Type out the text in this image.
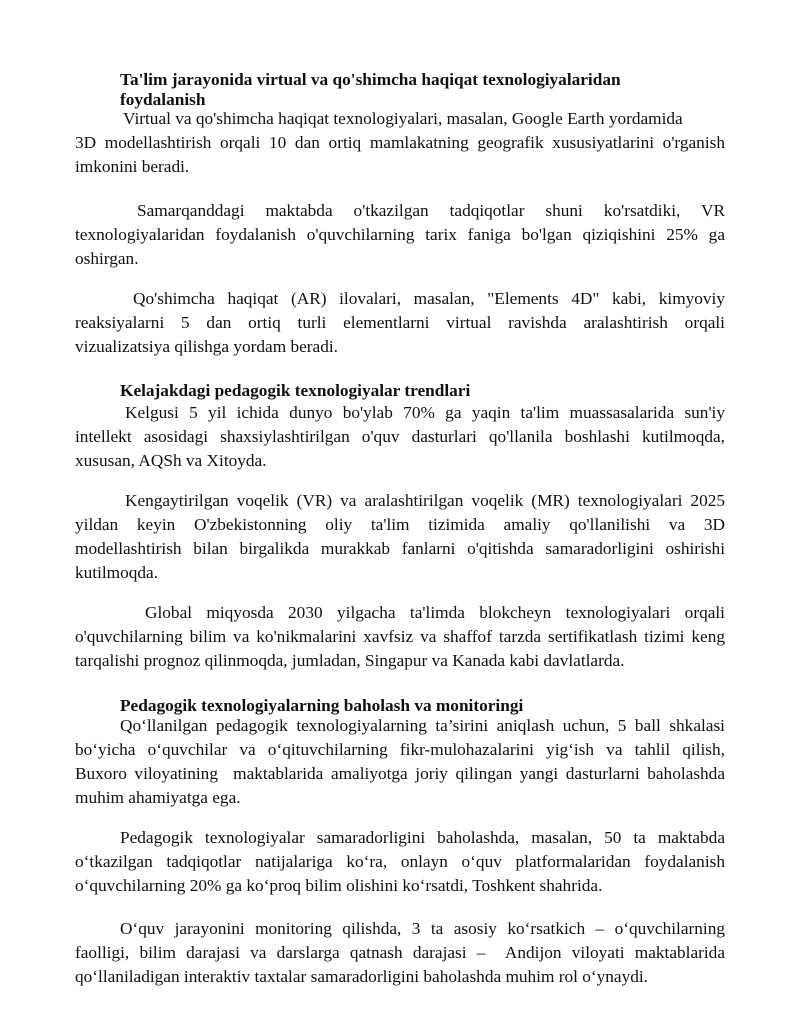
Ta'lim jarayonida virtual va qo'shimcha haqiqat texnologiyalaridan
foydalanish

Virtual va qo'shimcha haqiqat texnologiyalari, masalan, Google Earth yordamida
3D modellashtirish orqali 10 dan ortiq mamlakatning geografik xususiyatlarini o'rganish
imkonini beradi.

Samarqanddagi maktabda o'tkazilgan tadqiqotlar shuni ko'rsatdiki, VR
texnologiyalaridan foydalanish o'quvchilarning tarix faniga bo'lgan qiziqishini 25% ga
oshirgan.

Qo'shimcha haqiqat (AR) ilovalari, masalan, "Elements 4D" kabi, kimyoviy
reaksiyalarni 5 dan ortiq turli elementlarni virtual ravishda aralashtirish orqali
vizualizatsiya qilishga yordam beradi.

Kelajakdagi pedagogik texnologiyalar trendlari

Kelgusi 5 yil ichida dunyo bo'ylab 70% ga yaqin ta'lim muassasalarida sun'iy
intellekt asosidagi shaxsiylashtirilgan o'quv dasturlari qo'llanila boshlashi kutilmoqda,
xususan, AQSh va Xitoyda.

Kengaytirilgan voqelik (VR) va aralashtirilgan voqelik (MR) texnologiyalari 2025
yildan keyin O'zbekistonning oliy ta'lim tizimida amaliy qo'llanilishi va 3D
modellashtirish bilan birgalikda murakkab fanlarni o'qitishda samaradorligini oshirishi
kutilmoqda.

Global miqyosda 2030 yilgacha ta'limda blokcheyn texnologiyalari orqali
o'quvchilarning bilim va ko'nikmalarini xavfsiz va shaffof tarzda sertifikatlash tizimi keng
tarqalishi prognoz qilinmoqda, jumladan, Singapur va Kanada kabi davlatlarda.

Pedagogik texnologiyalarning baholash va monitoringi

Qo‘llanilgan pedagogik texnologiyalarning ta’sirini aniqlash uchun, 5 ball shkalasi
bo‘yicha o‘quvchilar va o‘qituvchilarning fikr-mulohazalarini yig‘ish va tahlil qilish,
Buxoro viloyatining  maktablarida amaliyotga joriy qilingan yangi dasturlarni baholashda
muhim ahamiyatga ega.

Pedagogik texnologiyalar samaradorligini baholashda, masalan, 50 ta maktabda
o‘tkazilgan tadqiqotlar natijalariga ko‘ra, onlayn o‘quv platformalaridan foydalanish
o‘quvchilarning 20% ga ko‘proq bilim olishini ko‘rsatdi, Toshkent shahrida.

O‘quv jarayonini monitoring qilishda, 3 ta asosiy ko‘rsatkich – o‘quvchilarning
faolligi, bilim darajasi va darslarga qatnash darajasi –  Andijon viloyati maktablarida
qo‘llaniladigan interaktiv taxtalar samaradorligini baholashda muhim rol o‘ynaydi.
